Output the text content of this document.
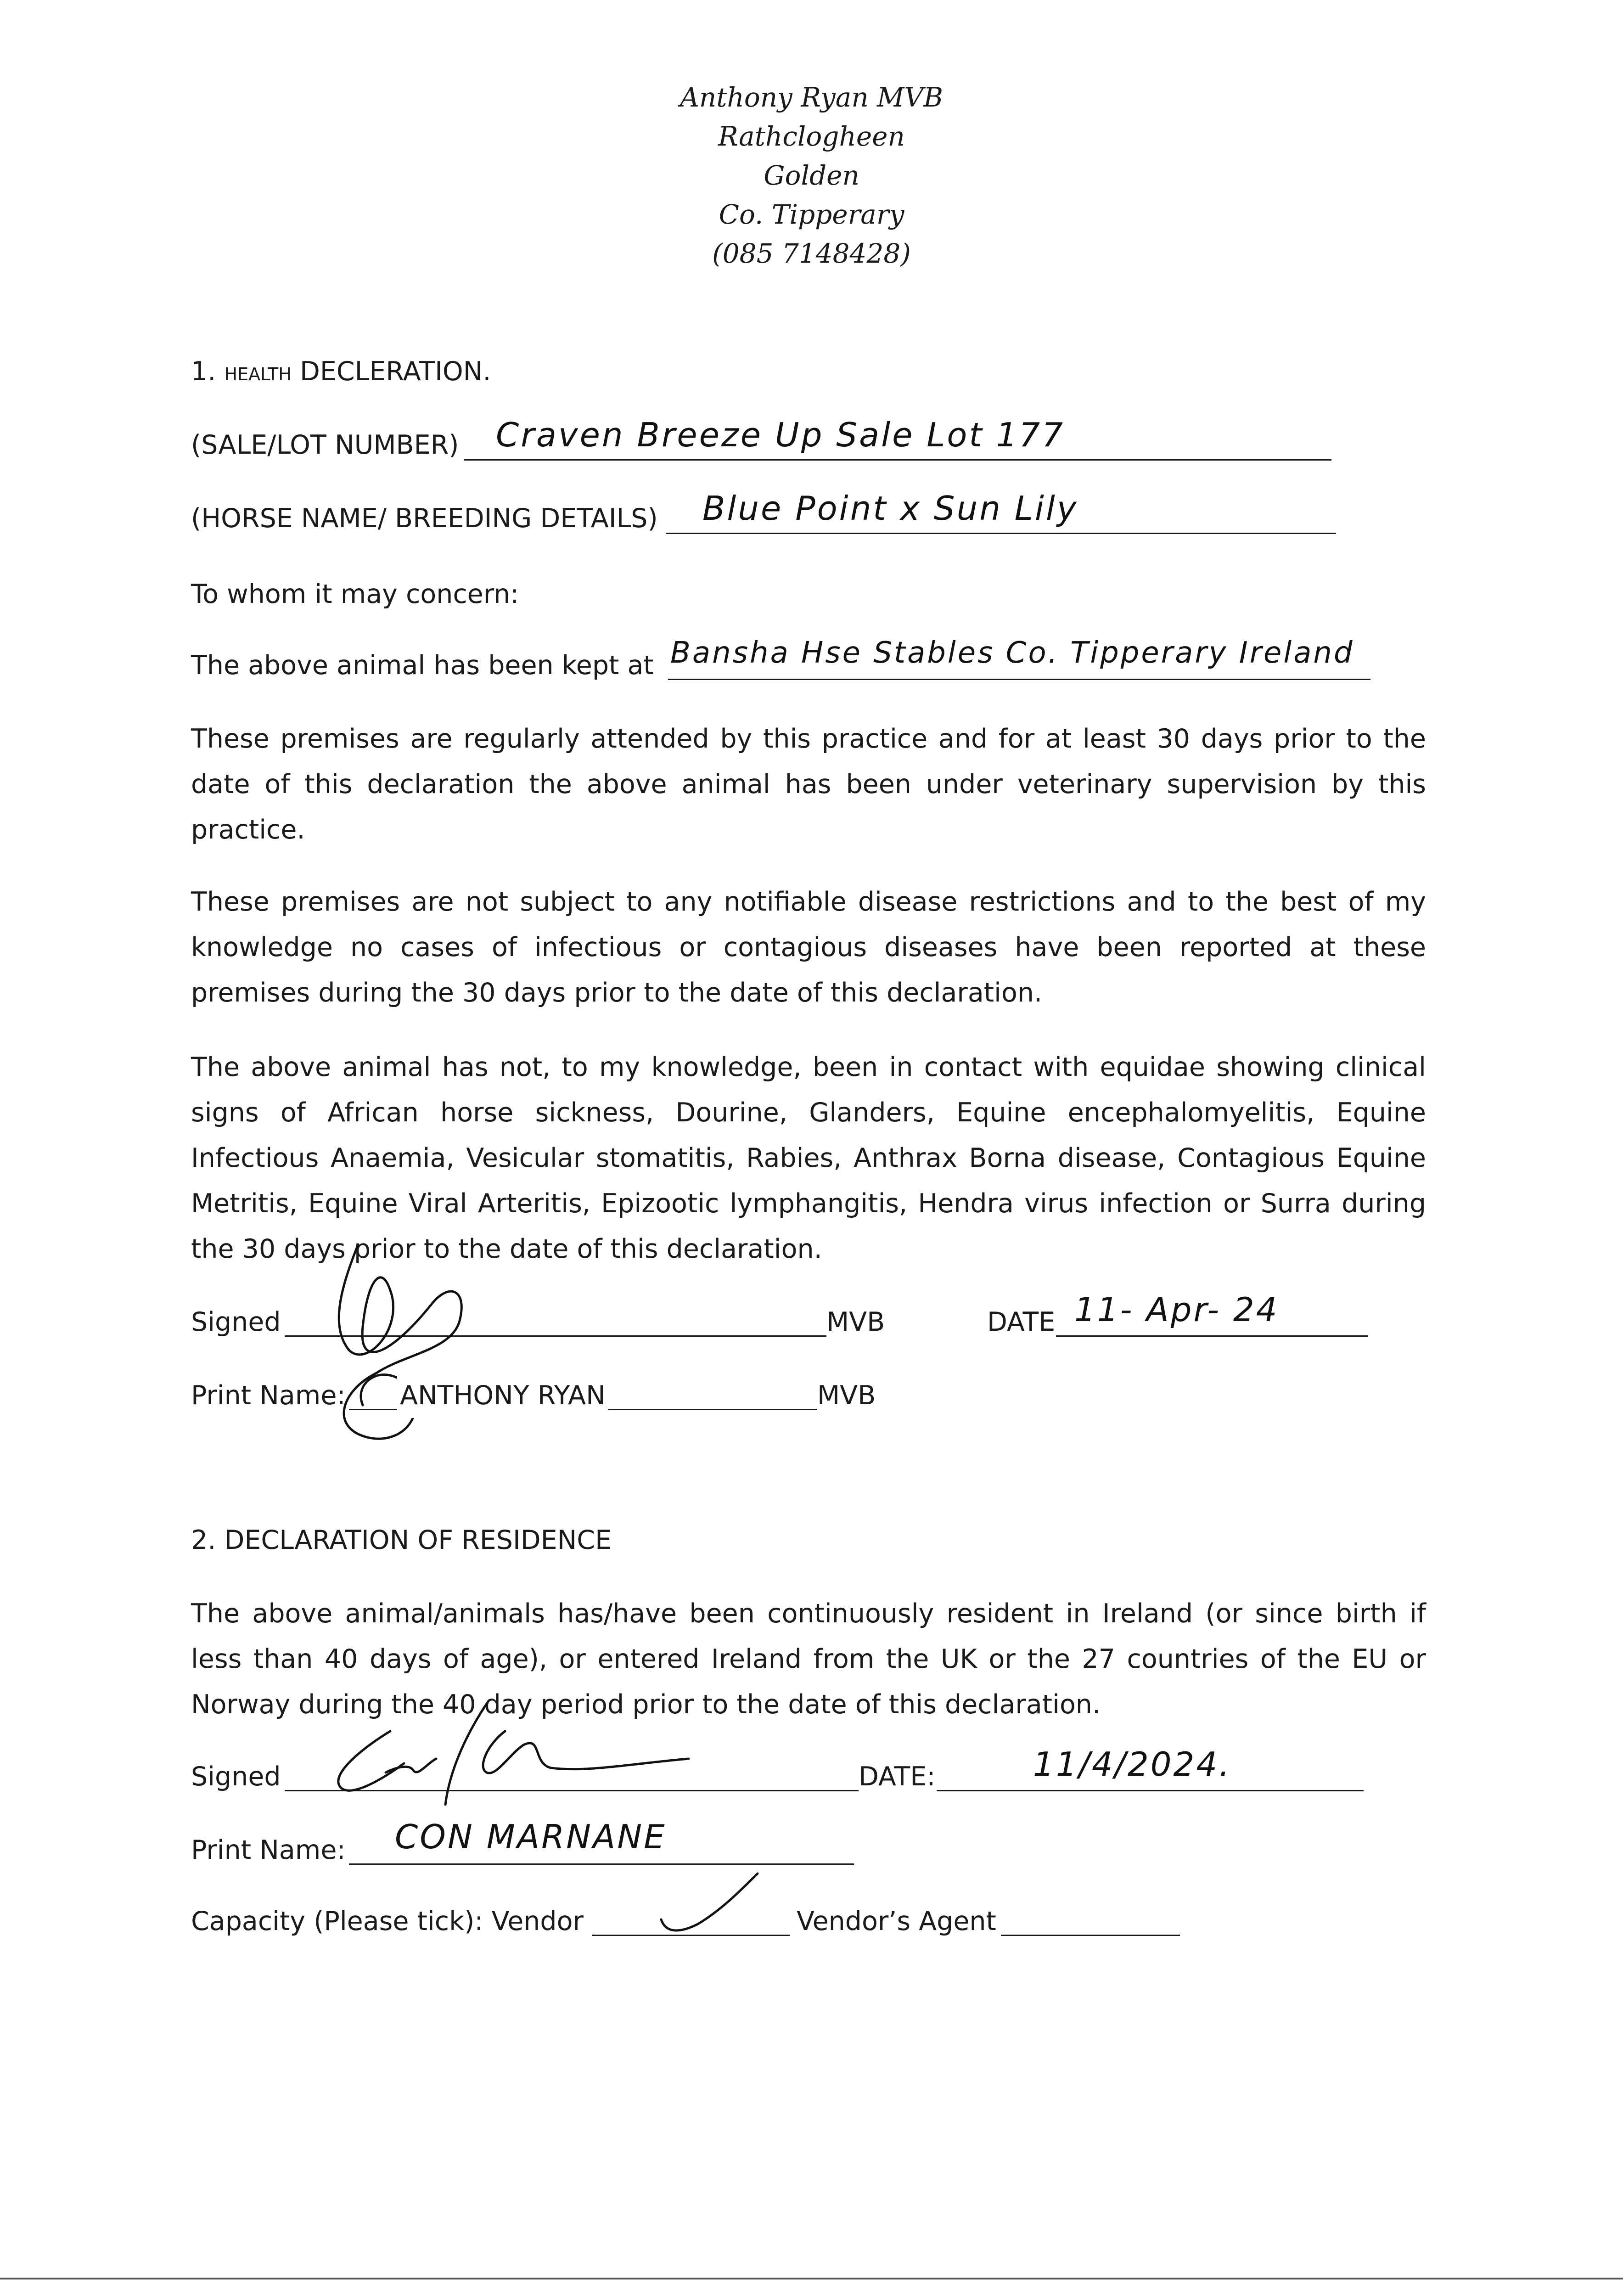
Anthony Ryan MVB
Rathclogheen
Golden
Co. Tipperary
(085 7148428)
1. HEALTH DECLERATION.
(SALE/LOT NUMBER) Craven Breeze Up Sale Lot 177
(HORSE NAME/ BREEDING DETAILS) Blue Point x Sun Lily
To whom it may concern:
The above animal has been kept at Bansha Hse Stables Co. Tipperary Ireland
These premises are regularly attended by this practice and for at least 30 days prior to the date of this declaration the above animal has been under veterinary supervision by this practice.
These premises are not subject to any notifiable disease restrictions and to the best of my knowledge no cases of infectious or contagious diseases have been reported at these premises during the 30 days prior to the date of this declaration.
The above animal has not, to my knowledge, been in contact with equidae showing clinical signs of African horse sickness, Dourine, Glanders, Equine encephalomyelitis, Equine Infectious Anaemia, Vesicular stomatitis, Rabies, Anthrax Borna disease, Contagious Equine Metritis, Equine Viral Arteritis, Epizootic lymphangitis, Hendra virus infection or Surra during the 30 days prior to the date of this declaration.
Signed	MVB	DATE 11- Apr- 24
Print Name: ANTHONY RYAN	MVB
2. DECLARATION OF RESIDENCE
The above animal/animals has/have been continuously resident in Ireland (or since birth if less than 40 days of age), or entered Ireland from the UK or the 27 countries of the EU or Norway during the 40 day period prior to the date of this declaration.
Signed	DATE:	11/4/2024.
Print Name: CON MARNANE
Capacity (Please tick): Vendor	Vendor’s Agent
